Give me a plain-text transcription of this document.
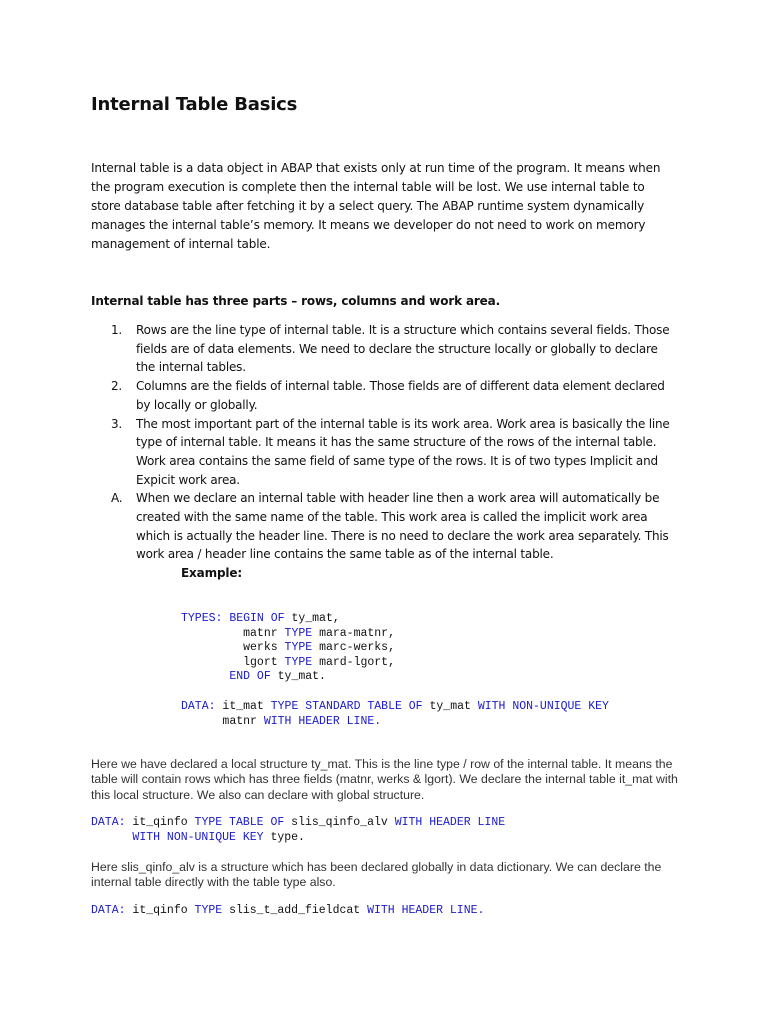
Internal Table Basics
Internal table is a data object in ABAP that exists only at run time of the program. It means when the program execution is complete then the internal table will be lost. We use internal table to store database table after fetching it by a select query. The ABAP runtime system dynamically manages the internal table’s memory. It means we developer do not need to work on memory management of internal table.
Internal table has three parts – rows, columns and work area.
1. Rows are the line type of internal table. It is a structure which contains several fields. Those fields are of data elements. We need to declare the structure locally or globally to declare the internal tables.
2. Columns are the fields of internal table. Those fields are of different data element declared by locally or globally.
3. The most important part of the internal table is its work area. Work area is basically the line type of internal table. It means it has the same structure of the rows of the internal table. Work area contains the same field of same type of the rows. It is of two types Implicit and Expicit work area.
A. When we declare an internal table with header line then a work area will automatically be created with the same name of the table. This work area is called the implicit work area which is actually the header line. There is no need to declare the work area separately. This work area / header line contains the same table as of the internal table.
Example:
TYPES: BEGIN OF ty_mat,
matnr TYPE mara-matnr,
werks TYPE marc-werks,
lgort TYPE mard-lgort,
END OF ty_mat.
DATA: it_mat TYPE STANDARD TABLE OF ty_mat WITH NON-UNIQUE KEY
matnr WITH HEADER LINE.

Here we have declared a local structure ty_mat. This is the line type / row of the internal table. It means the table will contain rows which has three fields (matnr, werks & lgort). We declare the internal table it_mat with this local structure. We also can declare with global structure.

DATA: it_qinfo TYPE TABLE OF slis_qinfo_alv WITH HEADER LINE
WITH NON-UNIQUE KEY type.

Here slis_qinfo_alv is a structure which has been declared globally in data dictionary. We can declare the internal table directly with the table type also.

DATA: it_qinfo TYPE slis_t_add_fieldcat WITH HEADER LINE.
